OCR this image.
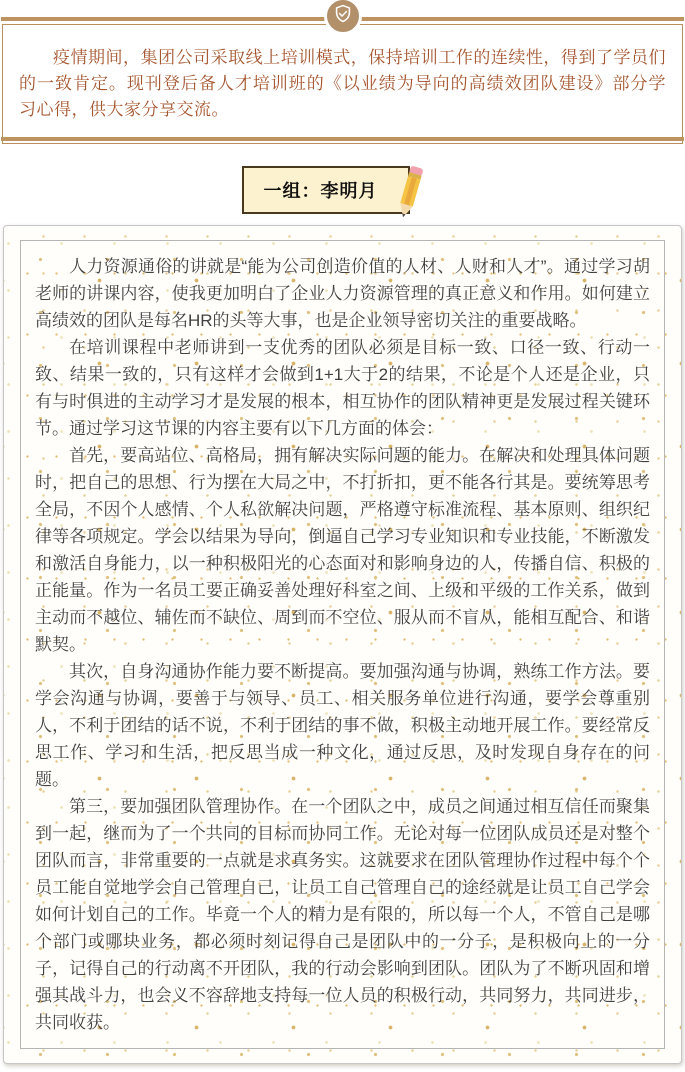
疫情期间，集团公司采取线上培训模式，保持培训工作的连续性，得到了学员们的一致肯定。现刊登后备人才培训班的《以业绩为导向的高绩效团队建设》部分学习心得，供大家分享交流。

一组：李明月

人力资源通俗的讲就是“能为公司创造价值的人材、人财和人才”。通过学习胡老师的讲课内容，使我更加明白了企业人力资源管理的真正意义和作用。如何建立高绩效的团队是每名HR的头等大事，也是企业领导密切关注的重要战略。

在培训课程中老师讲到一支优秀的团队必须是目标一致、口径一致、行动一致、结果一致的，只有这样才会做到1+1大于2的结果，不论是个人还是企业，只有与时俱进的主动学习才是发展的根本，相互协作的团队精神更是发展过程关键环节。通过学习这节课的内容主要有以下几方面的体会：

首先，要高站位、高格局，拥有解决实际问题的能力。在解决和处理具体问题时，把自己的思想、行为摆在大局之中，不打折扣，更不能各行其是。要统筹思考全局，不因个人感情、个人私欲解决问题，严格遵守标准流程、基本原则、组织纪律等各项规定。学会以结果为导向，倒逼自己学习专业知识和专业技能，不断激发和激活自身能力，以一种积极阳光的心态面对和影响身边的人，传播自信、积极的正能量。作为一名员工要正确妥善处理好科室之间、上级和平级的工作关系，做到主动而不越位、辅佐而不缺位、周到而不空位、服从而不盲从，能相互配合、和谐默契。

其次，自身沟通协作能力要不断提高。要加强沟通与协调，熟练工作方法。要学会沟通与协调，要善于与领导、员工、相关服务单位进行沟通，要学会尊重别人，不利于团结的话不说，不利于团结的事不做，积极主动地开展工作。要经常反思工作、学习和生活，把反思当成一种文化，通过反思，及时发现自身存在的问题。

第三，要加强团队管理协作。在一个团队之中，成员之间通过相互信任而聚集到一起，继而为了一个共同的目标而协同工作。无论对每一位团队成员还是对整个团队而言，非常重要的一点就是求真务实。这就要求在团队管理协作过程中每个个员工能自觉地学会自己管理自己，让员工自己管理自己的途经就是让员工自己学会如何计划自己的工作。毕竟一个人的精力是有限的，所以每一个人，不管自己是哪个部门或哪块业务，都必须时刻记得自己是团队中的一分子，是积极向上的一分子，记得自己的行动离不开团队，我的行动会影响到团队。团队为了不断巩固和增强其战斗力，也会义不容辞地支持每一位人员的积极行动，共同努力，共同进步，共同收获。
